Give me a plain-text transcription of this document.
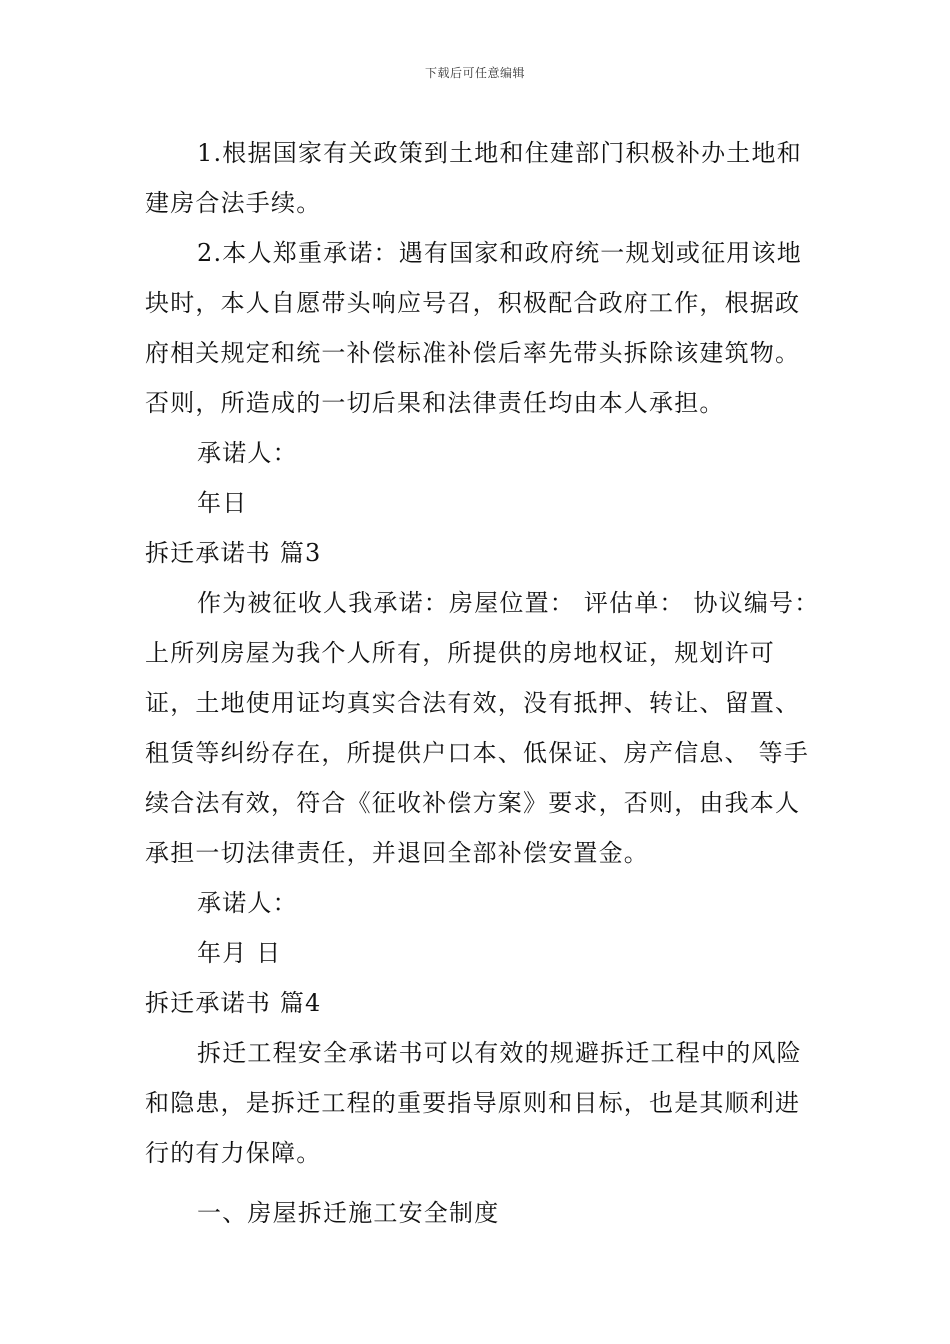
下载后可任意编辑

1.根据国家有关政策到土地和住建部门积极补办土地和建房合法手续。

2.本人郑重承诺：遇有国家和政府统一规划或征用该地块时，本人自愿带头响应号召，积极配合政府工作，根据政府相关规定和统一补偿标准补偿后率先带头拆除该建筑物。否则，所造成的一切后果和法律责任均由本人承担。

承诺人：

年日

拆迁承诺书 篇3

作为被征收人我承诺：房屋位置： 评估单： 协议编号： 上所列房屋为我个人所有，所提供的房地权证，规划许可证，土地使用证均真实合法有效，没有抵押、转让、留置、租赁等纠纷存在，所提供户口本、低保证、房产信息、 等手续合法有效，符合《征收补偿方案》要求，否则，由我本人承担一切法律责任，并退回全部补偿安置金。

承诺人：

年月 日

拆迁承诺书 篇4

拆迁工程安全承诺书可以有效的规避拆迁工程中的风险和隐患，是拆迁工程的重要指导原则和目标，也是其顺利进行的有力保障。

一、房屋拆迁施工安全制度
